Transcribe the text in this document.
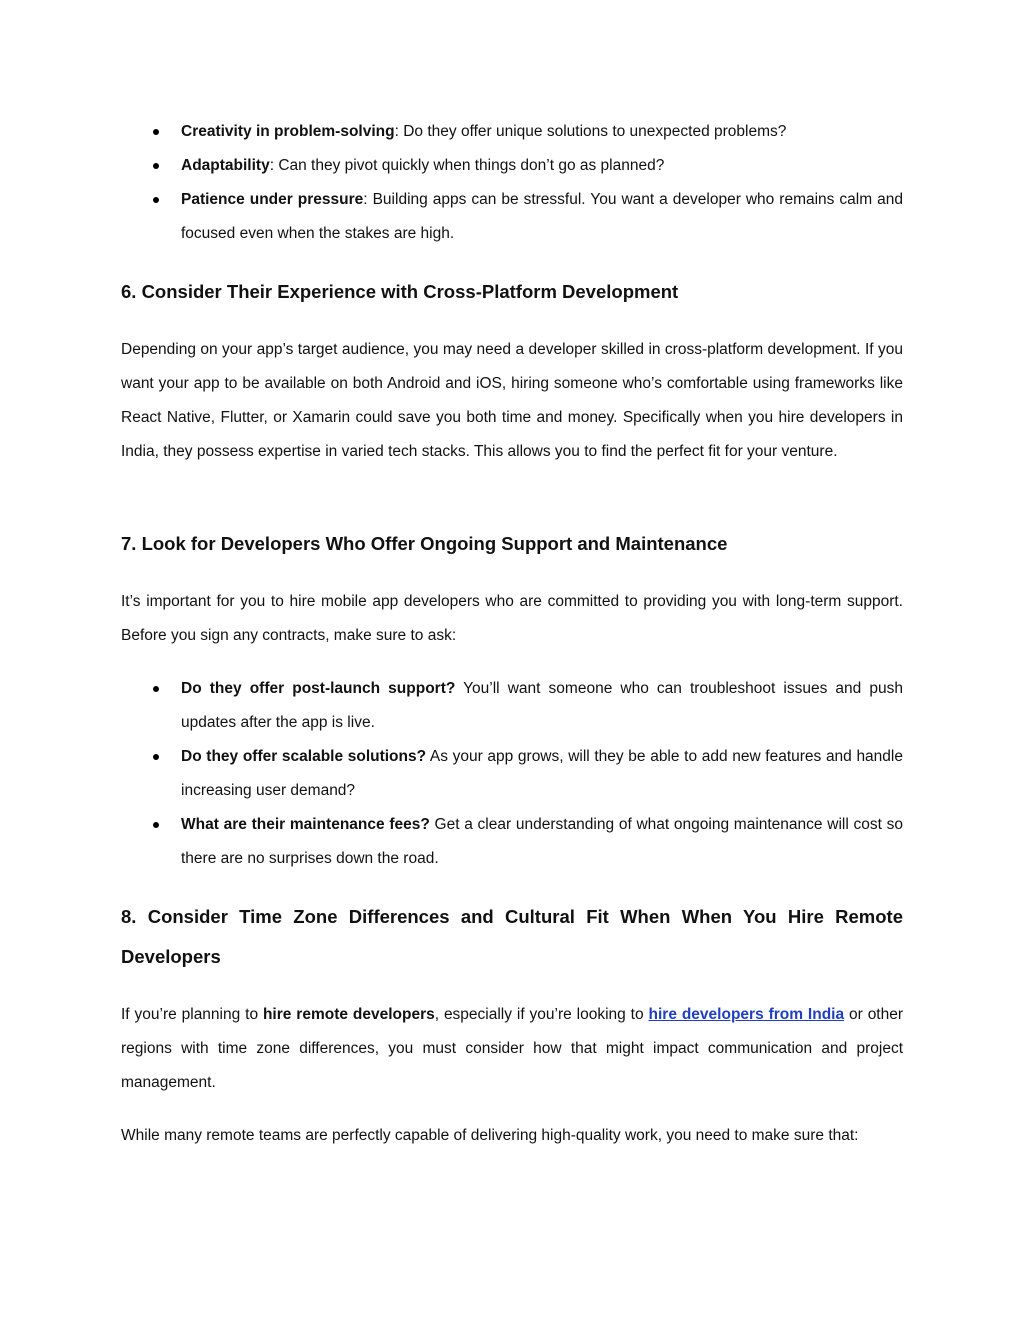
Creativity in problem-solving: Do they offer unique solutions to unexpected problems?
Adaptability: Can they pivot quickly when things don’t go as planned?
Patience under pressure: Building apps can be stressful. You want a developer who remains calm and focused even when the stakes are high.
6. Consider Their Experience with Cross-Platform Development

Depending on your app’s target audience, you may need a developer skilled in cross-platform development. If you want your app to be available on both Android and iOS, hiring someone who’s comfortable using frameworks like React Native, Flutter, or Xamarin could save you both time and money. Specifically when you hire developers in India, they possess expertise in varied tech stacks. This allows you to find the perfect fit for your venture.

7. Look for Developers Who Offer Ongoing Support and Maintenance

It’s important for you to hire mobile app developers who are committed to providing you with long-term support. Before you sign any contracts, make sure to ask:

Do they offer post-launch support? You’ll want someone who can troubleshoot issues and push updates after the app is live.
Do they offer scalable solutions? As your app grows, will they be able to add new features and handle increasing user demand?
What are their maintenance fees? Get a clear understanding of what ongoing maintenance will cost so there are no surprises down the road.
8. Consider Time Zone Differences and Cultural Fit When When You Hire Remote Developers

If you’re planning to hire remote developers, especially if you’re looking to hire developers from India or other regions with time zone differences, you must consider how that might impact communication and project management.

While many remote teams are perfectly capable of delivering high-quality work, you need to make sure that:
